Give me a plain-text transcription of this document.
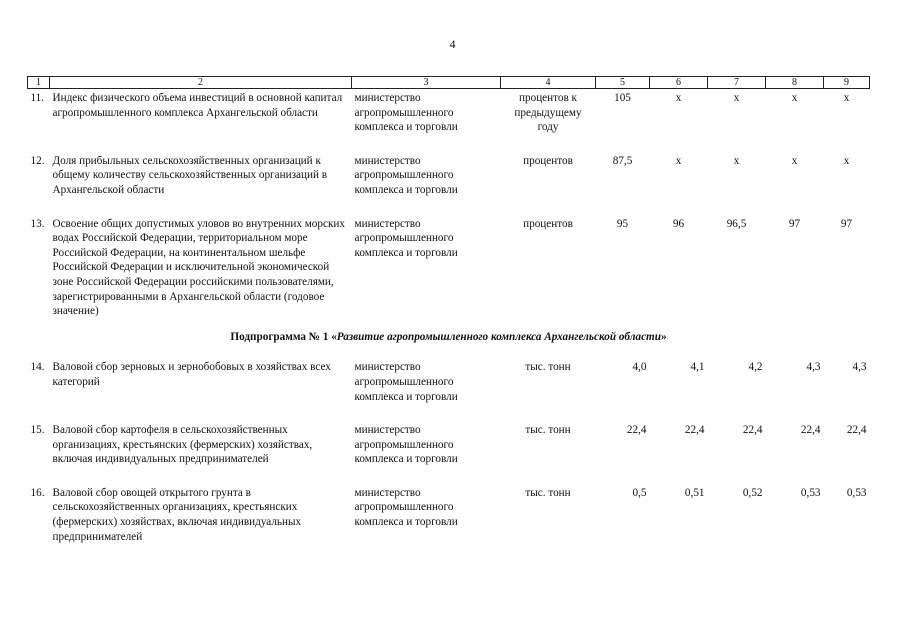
4
1	2	3	4	5	6	7	8	9
11.	Индекс физического объема инвестиций в основной капитал агропромышленного комплекса Архангельской области	министерство агропромышленного комплекса и торговли	процентов к предыдущему году	105	х	х	х	х
12.	Доля прибыльных сельскохозяйственных организаций к общему количеству сельскохозяйственных организаций в Архангельской области	министерство агропромышленного комплекса и торговли	процентов	87,5	х	х	х	х
13.	Освоение общих допустимых уловов во внутренних морских водах Российской Федерации, территориальном море Российской Федерации, на континентальном шельфе Российской Федерации и исключительной экономической зоне Российской Федерации российскими пользователями, зарегистрированными в Архангельской области (годовое значение)	министерство агропромышленного комплекса и торговли	процентов	95	96	96,5	97	97
Подпрограмма № 1 «Развитие агропромышленного комплекса Архангельской области»								
14.	Валовой сбор зерновых и зернобобовых в хозяйствах всех категорий	министерство агропромышленного комплекса и торговли	тыс. тонн	4,0	4,1	4,2	4,3	4,3
15.	Валовой сбор картофеля в сельскохозяйственных организациях, крестьянских (фермерских) хозяйствах, включая индивидуальных предпринимателей	министерство агропромышленного комплекса и торговли	тыс. тонн	22,4	22,4	22,4	22,4	22,4
16.	Валовой сбор овощей открытого грунта в сельскохозяйственных организациях, крестьянских (фермерских) хозяйствах, включая индивидуальных предпринимателей	министерство агропромышленного комплекса и торговли	тыс. тонн	0,5	0,51	0,52	0,53	0,53
